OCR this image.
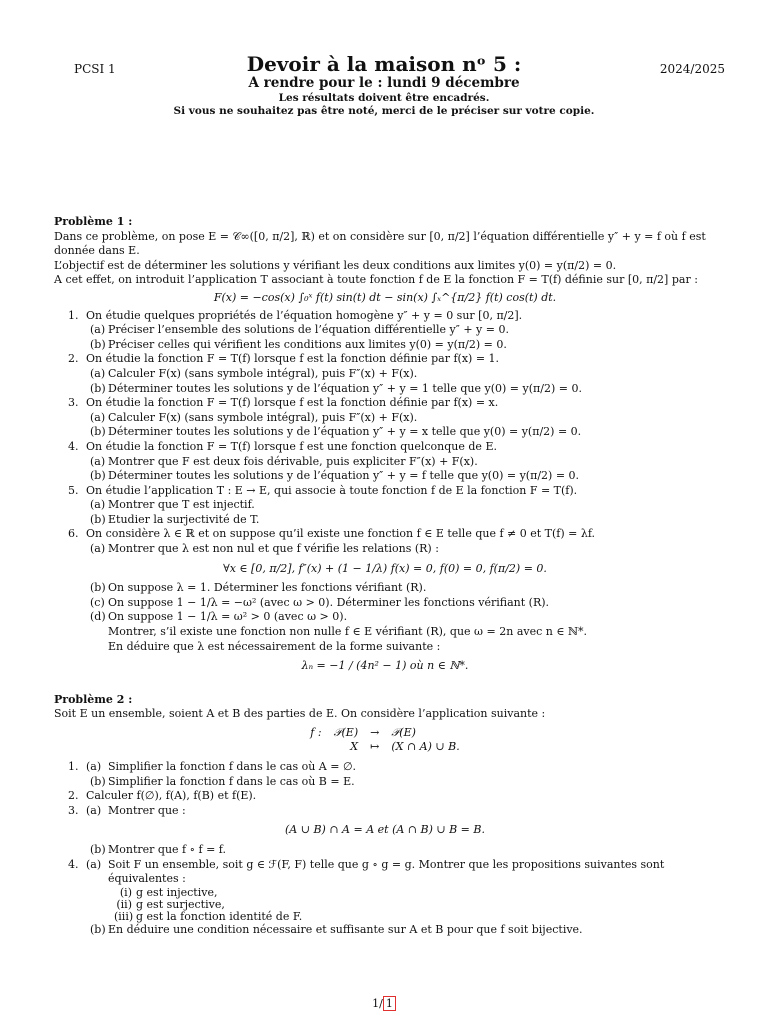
PCSI 1	2024/2025
Devoir à la maison nᵒ 5 :
A rendre pour le : lundi 9 décembre
Les résultats doivent être encadrés.
Si vous ne souhaitez pas être noté, merci de le préciser sur votre copie.

Problème 1 :

Dans ce problème, on pose E = 𝒞∞([0, π/2], ℝ) et on considère sur [0, π/2] l’équation différentielle y″ + y = f où f est donnée dans E.

L’objectif est de déterminer les solutions y vérifiant les deux conditions aux limites y(0) = y(π/2) = 0.

A cet effet, on introduit l’application T associant à toute fonction f de E la fonction F = T(f) définie sur [0, π/2] par :

F(x) = −cos(x) ∫₀ˣ f(t) sin(t) dt − sin(x) ∫ₓ^{π/2} f(t) cos(t) dt.
1. On étudie quelques propriétés de l’équation homogène y″ + y = 0 sur [0, π/2].
(a) Préciser l’ensemble des solutions de l’équation différentielle y″ + y = 0.
(b) Préciser celles qui vérifient les conditions aux limites y(0) = y(π/2) = 0.
2. On étudie la fonction F = T(f) lorsque f est la fonction définie par f(x) = 1.
(a) Calculer F(x) (sans symbole intégral), puis F″(x) + F(x).
(b) Déterminer toutes les solutions y de l’équation y″ + y = 1 telle que y(0) = y(π/2) = 0.
3. On étudie la fonction F = T(f) lorsque f est la fonction définie par f(x) = x.
(a) Calculer F(x) (sans symbole intégral), puis F″(x) + F(x).
(b) Déterminer toutes les solutions y de l’équation y″ + y = x telle que y(0) = y(π/2) = 0.
4. On étudie la fonction F = T(f) lorsque f est une fonction quelconque de E.
(a) Montrer que F est deux fois dérivable, puis expliciter F″(x) + F(x).
(b) Déterminer toutes les solutions y de l’équation y″ + y = f telle que y(0) = y(π/2) = 0.
5. On étudie l’application T : E → E, qui associe à toute fonction f de E la fonction F = T(f).
(a) Montrer que T est injectif.
(b) Etudier la surjectivité de T.
6. On considère λ ∈ ℝ et on suppose qu’il existe une fonction f ∈ E telle que f ≠ 0 et T(f) = λf.
(a) Montrer que λ est non nul et que f vérifie les relations (R) :
∀x ∈ [0, π/2], f″(x) + (1 − 1/λ) f(x) = 0, f(0) = 0, f(π/2) = 0.
(b) On suppose λ = 1. Déterminer les fonctions vérifiant (R).
(c) On suppose 1 − 1/λ = −ω² (avec ω > 0). Déterminer les fonctions vérifiant (R).
(d) On suppose 1 − 1/λ = ω² > 0 (avec ω > 0).

Montrer, s’il existe une fonction non nulle f ∈ E vérifiant (R), que ω = 2n avec n ∈ ℕ*.

En déduire que λ est nécessairement de la forme suivante :

λₙ = −1 / (4n² − 1) où n ∈ ℕ*.

Problème 2 :

Soit E un ensemble, soient A et B des parties de E. On considère l’application suivante :

f :	𝒫(E)	→	𝒫(E)
	X	↦	(X ∩ A) ∪ B.
1. (a) Simplifier la fonction f dans le cas où A = ∅.
(b) Simplifier la fonction f dans le cas où B = E.
2. Calculer f(∅), f(A), f(B) et f(E).
3. (a) Montrer que :
(A ∪ B) ∩ A = A et (A ∩ B) ∪ B = B.
(b) Montrer que f ∘ f = f.
4. (a) Soit F un ensemble, soit g ∈ ℱ(F, F) telle que g ∘ g = g. Montrer que les propositions suivantes sont équivalentes :
(i) g est injective,
(ii) g est surjective,
(iii) g est la fonction identité de F.
(b) En déduire une condition nécessaire et suffisante sur A et B pour que f soit bijective.
1/ 1
